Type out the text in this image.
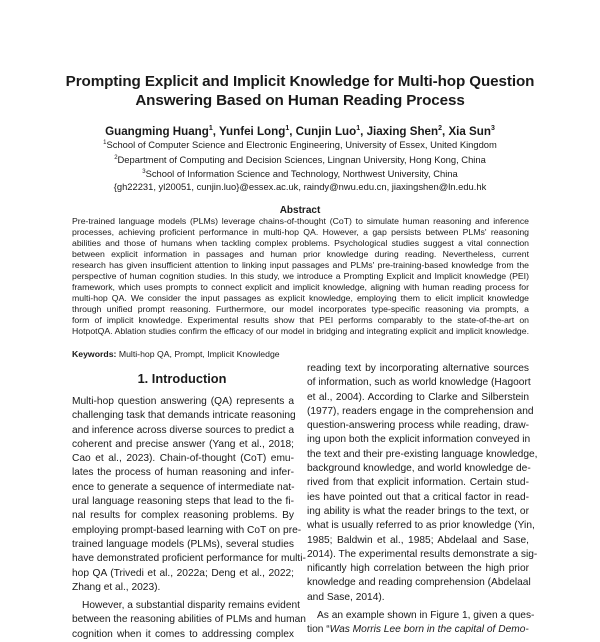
Prompting Explicit and Implicit Knowledge for Multi-hop Question
Answering Based on Human Reading Process
Guangming Huang$^1$, Yunfei Long$^1$, Cunjin Luo$^1$, Jiaxing Shen$^2$, Xia Sun$^3$
$^1$School of Computer Science and Electronic Engineering, University of Essex, United Kingdom
$^2$Department of Computing and Decision Sciences, Lingnan University, Hong Kong, China
$^3$School of Information Science and Technology, Northwest University, China
{gh22231, yl20051, cunjin.luo}@essex.ac.uk, raindy@nwu.edu.cn, jiaxingshen@ln.edu.hk
Abstract
Pre-trained language models (PLMs) leverage chains-of-thought (CoT) to simulate human reasoning and inference
processes, achieving proficient performance in multi-hop QA. However, a gap persists between PLMs' reasoning
abilities and those of humans when tackling complex problems. Psychological studies suggest a vital connection
between explicit information in passages and human prior knowledge during reading. Nevertheless, current
research has given insufficient attention to linking input passages and PLMs' pre-training-based knowledge from the
perspective of human cognition studies. In this study, we introduce a Prompting Explicit and Implicit knowledge (PEI)
framework, which uses prompts to connect explicit and implicit knowledge, aligning with human reading process for
multi-hop QA. We consider the input passages as explicit knowledge, employing them to elicit implicit knowledge
through unified prompt reasoning. Furthermore, our model incorporates type-specific reasoning via prompts, a
form of implicit knowledge. Experimental results show that PEI performs comparably to the state-of-the-art on
HotpotQA. Ablation studies confirm the efficacy of our model in bridging and integrating explicit and implicit knowledge.
Keywords: Multi-hop QA, Prompt, Implicit Knowledge
1. Introduction
Multi-hop question answering (QA) represents a
challenging task that demands intricate reasoning
and inference across diverse sources to predict a
coherent and precise answer (Yang et al., 2018;
Cao et al., 2023). Chain-of-thought (CoT) emu-
lates the process of human reasoning and infer-
ence to generate a sequence of intermediate nat-
ural language reasoning steps that lead to the fi-
nal results for complex reasoning problems. By
employing prompt-based learning with CoT on pre-
trained language models (PLMs), several studies
have demonstrated proficient performance for multi-
hop QA (Trivedi et al., 2022a; Deng et al., 2022;
Zhang et al., 2023).
However, a substantial disparity remains evident
between the reasoning abilities of PLMs and human
cognition when it comes to addressing complex
reading text by incorporating alternative sources
of information, such as world knowledge (Hagoort
et al., 2004). According to Clarke and Silberstein
(1977), readers engage in the comprehension and
question-answering process while reading, draw-
ing upon both the explicit information conveyed in
the text and their pre-existing language knowledge,
background knowledge, and world knowledge de-
rived from that explicit information. Certain stud-
ies have pointed out that a critical factor in read-
ing ability is what the reader brings to the text, or
what is usually referred to as prior knowledge (Yin,
1985; Baldwin et al., 1985; Abdelaal and Sase,
2014). The experimental results demonstrate a sig-
nificantly high correlation between the high prior
knowledge and reading comprehension (Abdelaal
and Sase, 2014).
As an example shown in Figure 1, given a ques-
tion “Was Morris Lee born in the capital of Demo-
